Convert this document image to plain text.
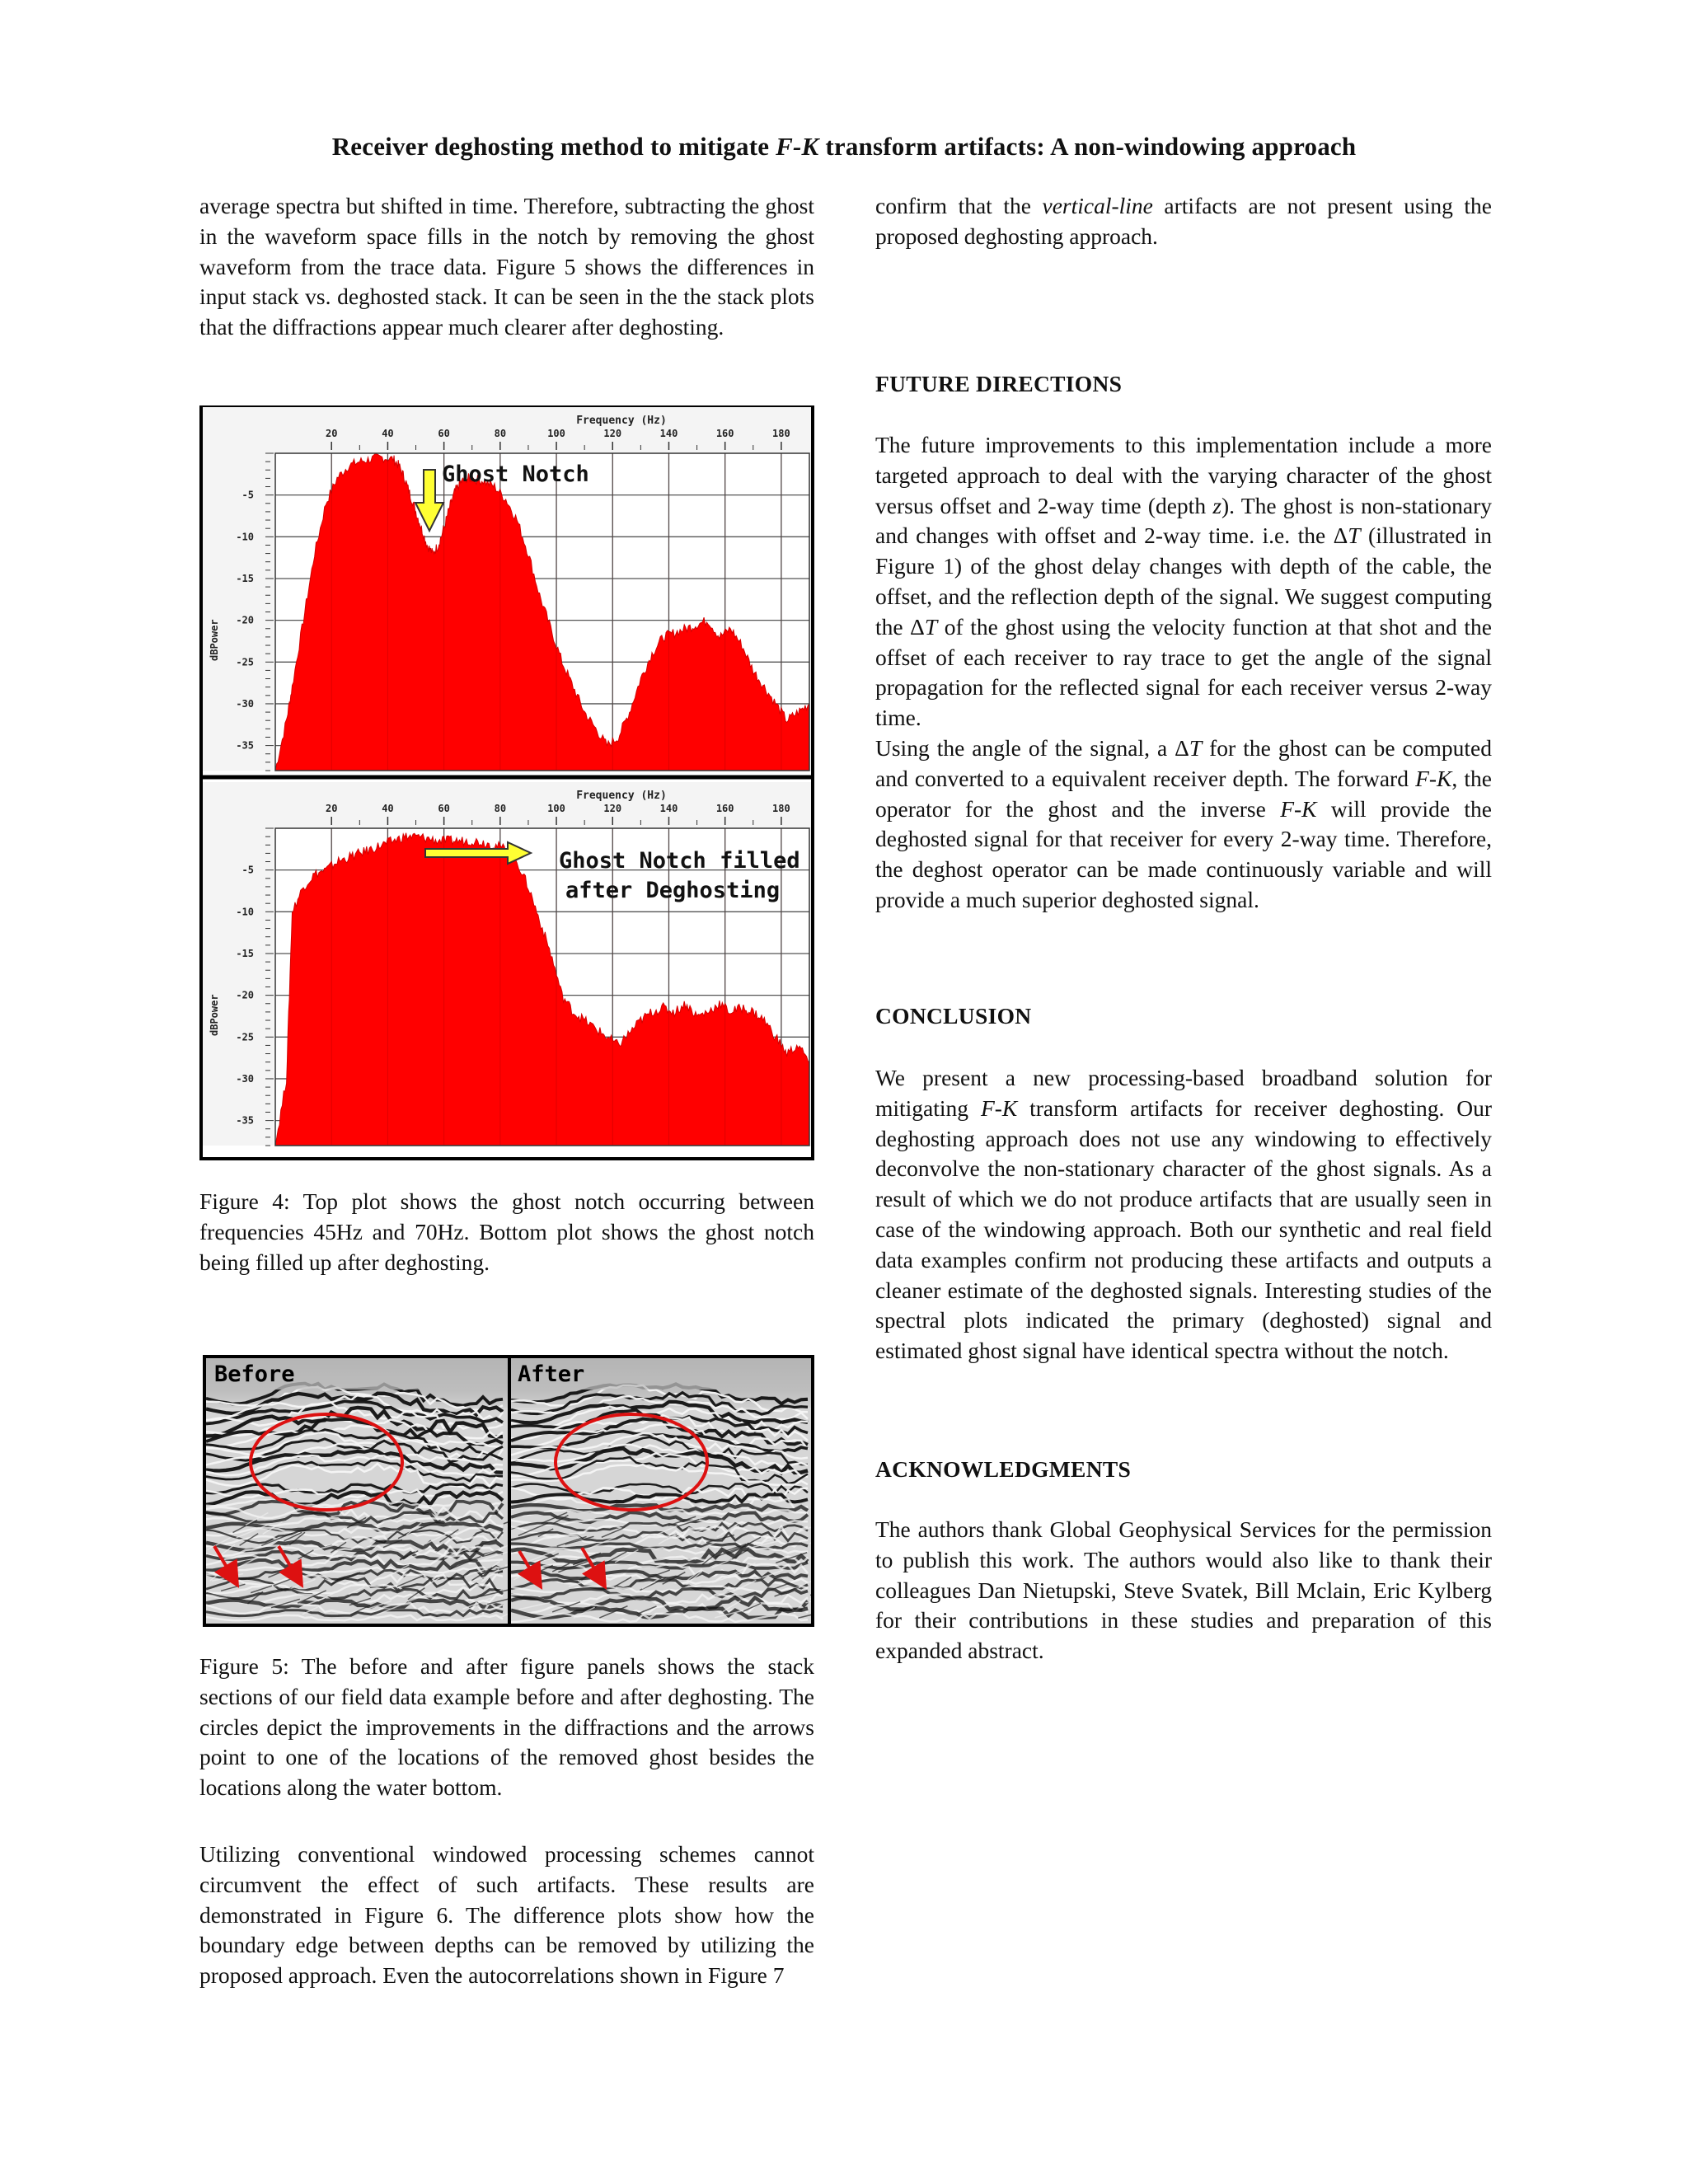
Receiver deghosting method to mitigate F-K transform artifacts: A non-windowing approach

average spectra but shifted in time. Therefore, subtracting the ghost in the waveform space fills in the notch by removing the ghost waveform from the trace data. Figure 5 shows the differences in input stack vs. deghosted stack. It can be seen in the the stack plots that the diffractions appear much clearer after deghosting.

Frequency (Hz)
20	40	60	80	100	120	140	160	180
-5
-10
-15
-20
-25
-30
-35
dBPower
Ghost Notch
Frequency (Hz)
20	40	60	80	100	120	140	160	180
-5
-10
-15
-20
-25
-30
-35
dBPower
Ghost Notch filled
after Deghosting
Figure 4: Top plot shows the ghost notch occurring between frequencies 45Hz and 70Hz. Bottom plot shows the ghost notch being filled up after deghosting.
Before	After
Figure 5: The before and after figure panels shows the stack sections of our field data example before and after deghosting. The circles depict the improvements in the diffractions and the arrows point to one of the locations of the removed ghost besides the locations along the water bottom.

Utilizing conventional windowed processing schemes cannot circumvent the effect of such artifacts. These results are demonstrated in Figure 6. The difference plots show how the boundary edge between depths can be removed by utilizing the proposed approach. Even the autocorrelations shown in Figure 7

confirm that the vertical-line artifacts are not present using the proposed deghosting approach.

FUTURE DIRECTIONS

The future improvements to this implementation include a more targeted approach to deal with the varying character of the ghost versus offset and 2-way time (depth z). The ghost is non-stationary and changes with offset and 2-way time. i.e. the ΔT (illustrated in Figure 1) of the ghost delay changes with depth of the cable, the offset, and the reflection depth of the signal. We suggest computing the ΔT of the ghost using the velocity function at that shot and the offset of each receiver to ray trace to get the angle of the signal propagation for the reflected signal for each receiver versus 2-way time.

Using the angle of the signal, a ΔT for the ghost can be computed and converted to a equivalent receiver depth. The forward F-K, the operator for the ghost and the inverse F-K will provide the deghosted signal for that receiver for every 2-way time. Therefore, the deghost operator can be made continuously variable and will provide a much superior deghosted signal.

CONCLUSION

We present a new processing-based broadband solution for mitigating F-K transform artifacts for receiver deghosting. Our deghosting approach does not use any windowing to effectively deconvolve the non-stationary character of the ghost signals. As a result of which we do not produce artifacts that are usually seen in case of the windowing approach. Both our synthetic and real field data examples confirm not producing these artifacts and outputs a cleaner estimate of the deghosted signals. Interesting studies of the spectral plots indicated the primary (deghosted) signal and estimated ghost signal have identical spectra without the notch.

ACKNOWLEDGMENTS

The authors thank Global Geophysical Services for the permission to publish this work. The authors would also like to thank their colleagues Dan Nietupski, Steve Svatek, Bill Mclain, Eric Kylberg for their contributions in these studies and preparation of this expanded abstract.
